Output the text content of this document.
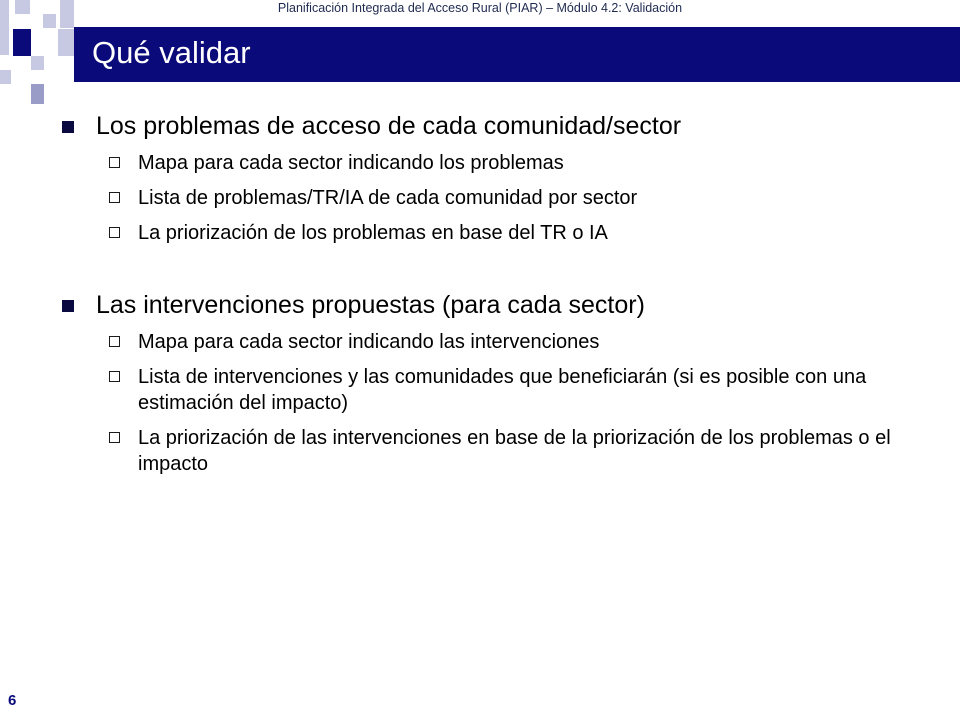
Planificación Integrada del Acceso Rural (PIAR) – Módulo 4.2: Validación
Qué validar
Los problemas de acceso de cada comunidad/sector
Mapa para cada sector indicando los problemas
Lista de problemas/TR/IA de cada comunidad por sector
La priorización de los problemas en base del TR o IA
Las intervenciones propuestas (para cada sector)
Mapa para cada sector indicando las intervenciones
Lista de intervenciones y las comunidades que beneficiarán (si es posible con una estimación del impacto)
La priorización de las intervenciones en base de la priorización de los problemas o el impacto
6
